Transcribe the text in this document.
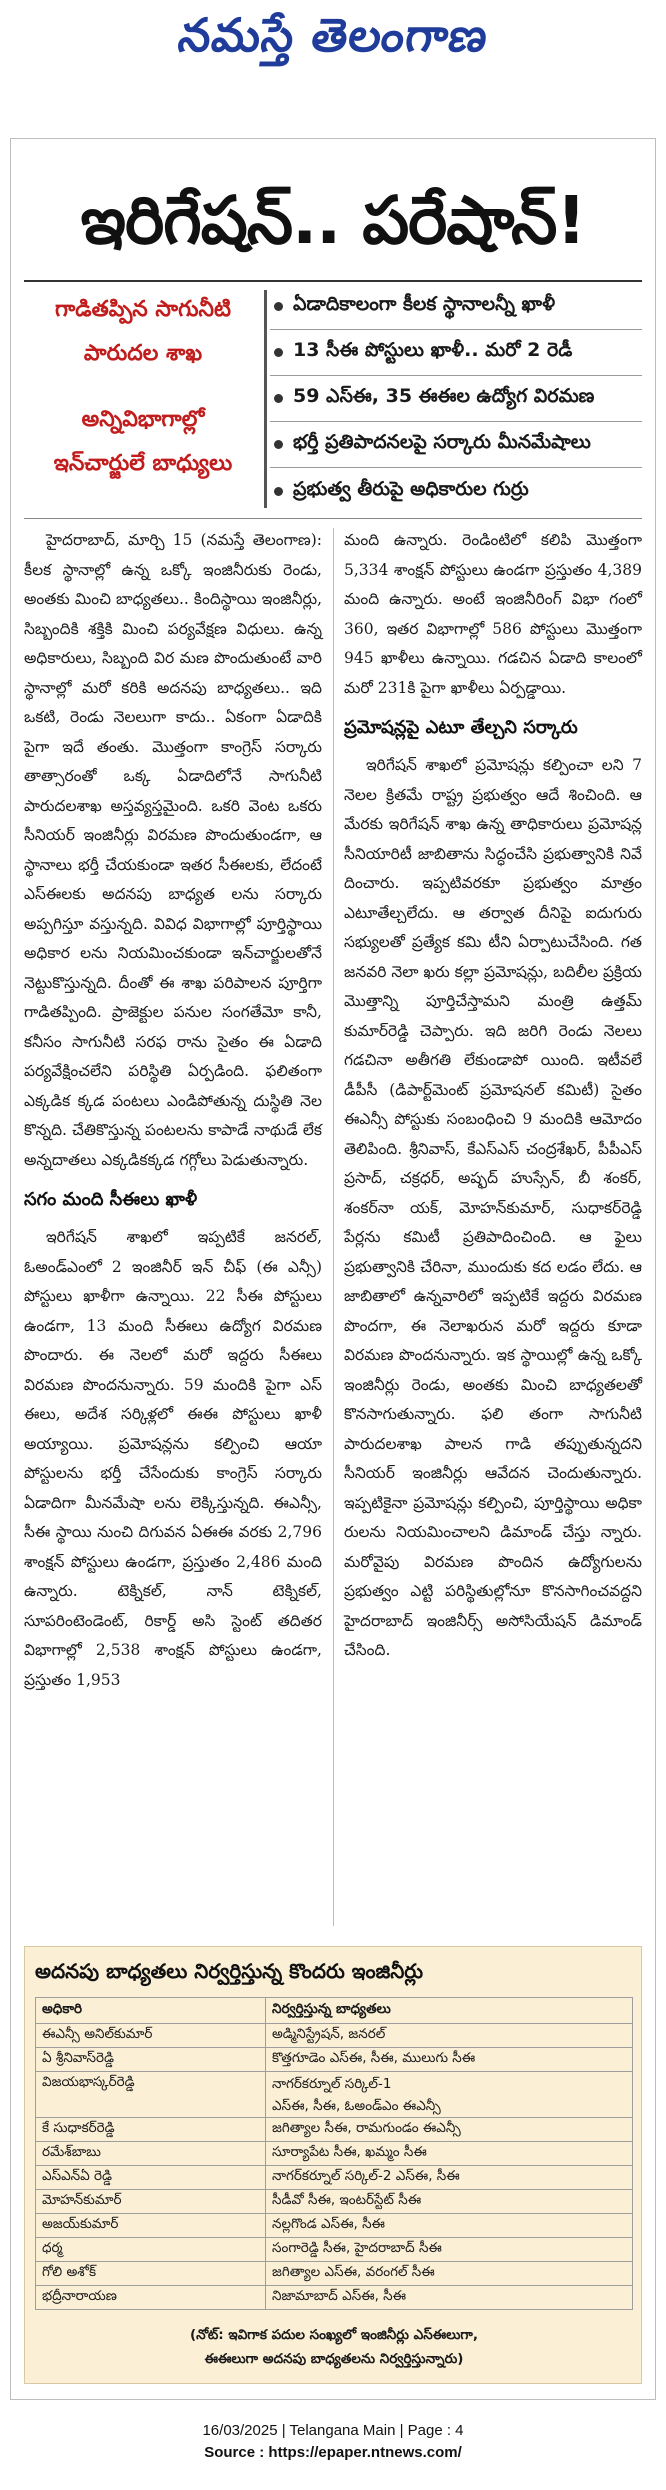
నమస్తే తెలంగాణ
ఇరిగేషన్.. పరేషాన్!
గాడితప్పిన సాగునీటి
పారుదల శాఖ
అన్నివిభాగాల్లో
ఇన్‌చార్జులే బాధ్యులు
ఏడాదికాలంగా కీలక స్థానాలన్నీ ఖాళీ
13 సీఈ పోస్టులు ఖాళీ.. మరో 2 రెడీ
59 ఎస్‌ఈ, 35 ఈఈల ఉద్యోగ విరమణ
భర్తీ ప్రతిపాదనలపై సర్కారు మీనమేషాలు
ప్రభుత్వ తీరుపై అధికారుల గుర్రు

హైదరాబాద్, మార్చి 15 (నమస్తే తెలంగాణ): కీలక స్థానాల్లో ఉన్న ఒక్కో ఇంజినీరుకు రెండు, అంతకు మించి బాధ్యతలు.. కిందిస్థాయి ఇంజినీర్లు, సిబ్బందికి శక్తికి మించి పర్యవేక్షణ విధులు. ఉన్న అధికారులు, సిబ్బంది విర మణ పొందుతుంటే వారి స్థానాల్లో మరో కరికి అదనపు బాధ్యతలు.. ఇది ఒకటి, రెండు నెలలుగా కాదు.. ఏకంగా ఏడాదికి పైగా ఇదే తంతు. మొత్తంగా కాంగ్రెస్ సర్కారు తాత్సారంతో ఒక్క ఏడాదిలోనే సాగునీటి పారుదలశాఖ అస్తవ్యస్తమైంది. ఒకరి వెంట ఒకరు సీనియర్ ఇంజినీర్లు విరమణ పొందుతుండగా, ఆ స్థానాలు భర్తీ చేయకుండా ఇతర సీఈలకు, లేదంటే ఎస్‌ఈలకు అదనపు బాధ్యత లను సర్కారు అప్పగిస్తూ వస్తున్నది. వివిధ విభాగాల్లో పూర్తిస్థాయి అధికార లను నియమించకుండా ఇన్‌చార్జులతోనే నెట్టుకొస్తున్నది. దీంతో ఈ శాఖ పరిపాలన పూర్తిగా గాడితప్పింది. ప్రాజెక్టుల పనుల సంగతేమో కానీ, కనీసం సాగునీటి సరఫ రాను సైతం ఈ ఏడాది పర్యవేక్షించలేని పరిస్థితి ఏర్పడింది. ఫలితంగా ఎక్కడిక క్కడ పంటలు ఎండిపోతున్న దుస్థితి నెల కొన్నది. చేతికొస్తున్న పంటలను కాపాడే నాథుడే లేక అన్నదాతలు ఎక్కడికక్కడ గగ్గోలు పెడుతున్నారు.

సగం మంది సీఈలు ఖాళీ

ఇరిగేషన్ శాఖలో ఇప్పటికే జనరల్, ఓఅండ్‌ఎంలో 2 ఇంజినీర్ ఇన్ చీఫ్ (ఈ ఎన్సీ) పోస్టులు ఖాళీగా ఉన్నాయి. 22 సీఈ పోస్టులు ఉండగా, 13 మంది సీఈలు ఉద్యోగ విరమణ పొందారు. ఈ నెలలో మరో ఇద్దరు సీఈలు విరమణ పొందనున్నారు. 59 మందికి పైగా ఎస్ ఈలు, అదేశ సర్కిళ్లలో ఈఈ పోస్టులు ఖాళీ అయ్యాయి. ప్రమోషన్లను కల్పించి ఆయా పోస్టులను భర్తీ చేసేందుకు కాంగ్రెస్ సర్కారు ఏడాదిగా మీనమేషా లను లెక్కిస్తున్నది. ఈఎన్సీ, సీఈ స్థాయి నుంచి దిగువన ఏఈఈ వరకు 2,796 శాంక్షన్ పోస్టులు ఉండగా, ప్రస్తుతం 2,486 మంది ఉన్నారు. టెక్నికల్, నాన్ టెక్నికల్, సూపరింటెండెంట్, రికార్డ్ అసి స్టెంట్ తదితర విభాగాల్లో 2,538 శాంక్షన్ పోస్టులు ఉండగా, ప్రస్తుతం 1,953

మంది ఉన్నారు. రెండింటిలో కలిపి మొత్తంగా 5,334 శాంక్షన్ పోస్టులు ఉండగా ప్రస్తుతం 4,389 మంది ఉన్నారు. అంటే ఇంజినీరింగ్ విభా గంలో 360, ఇతర విభాగాల్లో 586 పోస్టులు మొత్తంగా 945 ఖాళీలు ఉన్నాయి. గడచిన ఏడాది కాలంలో మరో 231కి పైగా ఖాళీలు ఏర్పడ్డాయి.

ప్రమోషన్లపై ఎటూ తేల్చని సర్కారు

ఇరిగేషన్ శాఖలో ప్రమోషన్లు కల్పించా లని 7 నెలల క్రితమే రాష్ట్ర ప్రభుత్వం ఆదే శించింది. ఆ మేరకు ఇరిగేషన్ శాఖ ఉన్న తాధికారులు ప్రమోషన్ల సీనియారిటీ జాబితాను సిద్ధంచేసి ప్రభుత్వానికి నివే దించారు. ఇప్పటివరకూ ప్రభుత్వం మాత్రం ఎటూతేల్చలేదు. ఆ తర్వాత దీనిపై ఐదుగురు సభ్యులతో ప్రత్యేక కమి టీని ఏర్పాటుచేసింది. గత జనవరి నెలా ఖరు కల్లా ప్రమోషన్లు, బదిలీల ప్రక్రియ మొత్తాన్ని పూర్తిచేస్తామని మంత్రి ఉత్తమ్ కుమార్‌రెడ్డి చెప్పారు. ఇది జరిగి రెండు నెలలు గడచినా అతీగతి లేకుండాపో యింది. ఇటీవలే డీపీసీ (డిపార్ట్‌మెంట్ ప్రమోషనల్ కమిటీ) సైతం ఈఎన్సీ పోస్టుకు సంబంధించి 9 మందికి ఆమోదం తెలిపింది. శ్రీనివాస్, కేఎస్‌ఎస్ చంద్రశేఖర్, పీపీఎస్ ప్రసాద్, చక్రధర్, అష్ఫద్ హుస్సేన్, బీ శంకర్, శంకర్‌నా యక్, మోహన్‌కుమార్, సుధాకర్‌రెడ్డి పేర్లను కమిటీ ప్రతిపాదించింది. ఆ ఫైలు ప్రభుత్వానికి చేరినా, ముందుకు కద లడం లేదు. ఆ జాబితాలో ఉన్నవారిలో ఇప్పటికే ఇద్దరు విరమణ పొందగా, ఈ నెలాఖరున మరో ఇద్దరు కూడా విరమణ పొందనున్నారు. ఇక స్థాయిల్లో ఉన్న ఒక్కో ఇంజినీర్లు రెండు, అంతకు మించి బాధ్యతలతో కొనసాగుతున్నారు. ఫలి తంగా సాగునీటి పారుదలశాఖ పాలన గాడి తప్పుతున్నదని సీనియర్ ఇంజినీర్లు ఆవేదన చెందుతున్నారు. ఇప్పటికైనా ప్రమోషన్లు కల్పించి, పూర్తిస్థాయి అధికా రులను నియమించాలని డిమాండ్ చేస్తు న్నారు. మరోవైపు విరమణ పొందిన ఉద్యోగులను ప్రభుత్వం ఎట్టి పరిస్థితుల్లోనూ కొనసాగించవద్దని హైదరాబాద్ ఇంజినీర్స్ అసోసియేషన్ డిమాండ్ చేసింది.

అదనపు బాధ్యతలు నిర్వర్తిస్తున్న కొందరు ఇంజినీర్లు
అధికారి	నిర్వర్తిస్తున్న బాధ్యతలు
ఈఎన్సీ అనిల్‌కుమార్	అడ్మినిస్ట్రేషన్, జనరల్
ఏ శ్రీనివాస్‌రెడ్డి	కొత్తగూడెం ఎస్‌ఈ, సీఈ, ములుగు సీఈ
విజయభాస్కర్‌రెడ్డి	నాగర్‌కర్నూల్ సర్కిల్-1
ఎస్‌ఈ, సీఈ, ఓఅండ్‌ఎం ఈఎన్సీ

కే సుధాకర్‌రెడ్డి	జగిత్యాల సీఈ, రామగుండం ఈఎన్సీ
రమేశ్‌బాబు	సూర్యాపేట సీఈ, ఖమ్మం సీఈ
ఎస్ఎన్ఏ రెడ్డి	నాగర్‌కర్నూల్ సర్కిల్-2 ఎస్‌ఈ, సీఈ
మోహన్‌కుమార్	సీడీవో సీఈ, ఇంటర్‌స్టేట్ సీఈ
అజయ్‌కుమార్	నల్లగొండ ఎస్‌ఈ, సీఈ
ధర్మ	సంగారెడ్డి సీఈ, హైదరాబాద్ సీఈ
గోలి అశోక్	జగిత్యాల ఎస్‌ఈ, వరంగల్ సీఈ
భద్రీనారాయణ	నిజామాబాద్ ఎస్‌ఈ, సీఈ
(నోట్: ఇవిగాక పదుల సంఖ్యలో ఇంజినీర్లు ఎస్‌ఈలుగా,
ఈఈలుగా అదనపు బాధ్యతలను నిర్వర్తిస్తున్నారు)
16/03/2025 | Telangana Main | Page : 4
Source : https://epaper.ntnews.com/
